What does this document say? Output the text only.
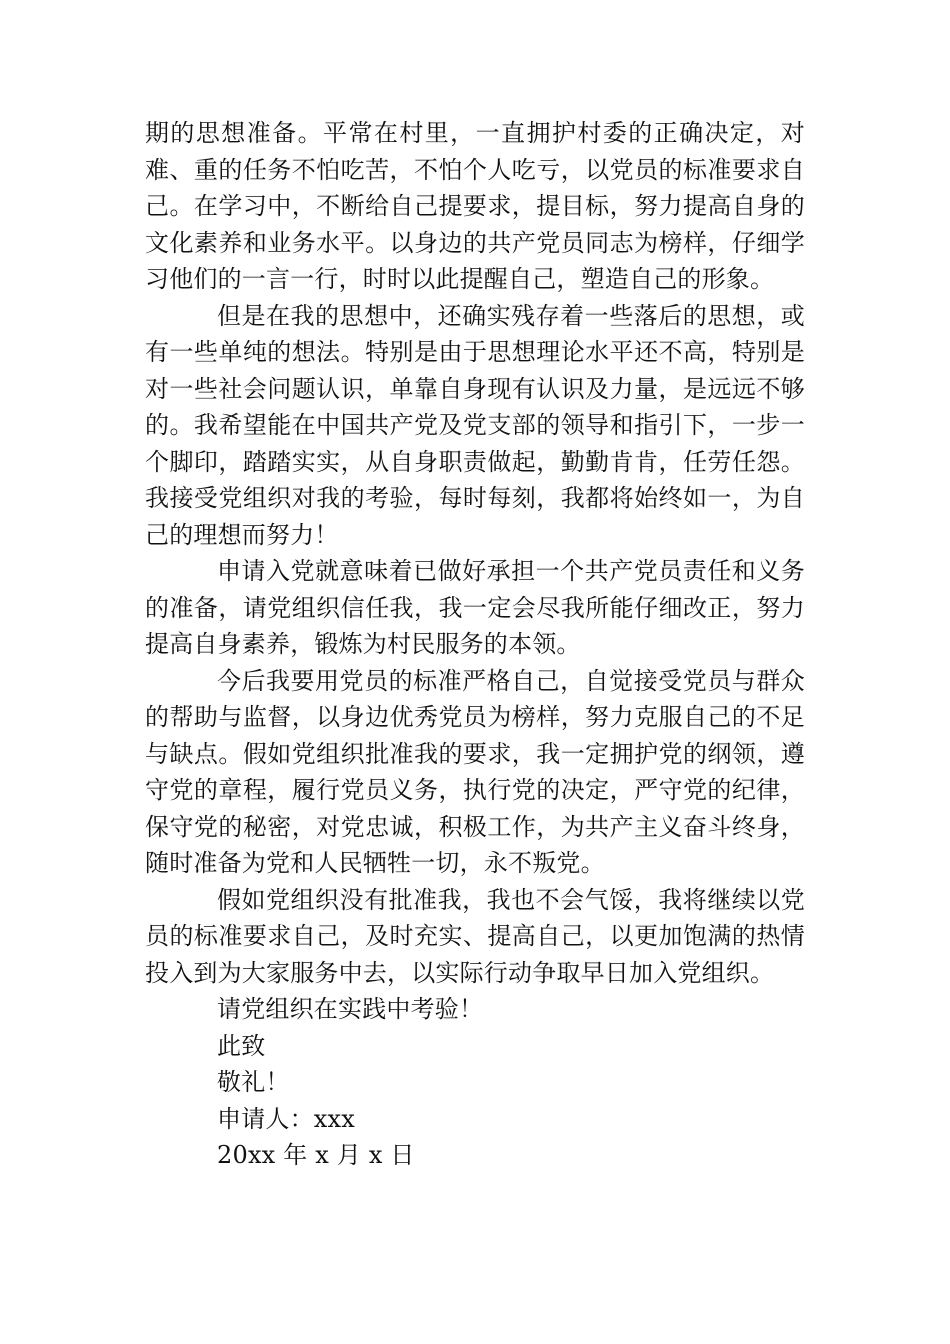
期的思想准备。平常在村里，一直拥护村委的正确决定，对难、重的任务不怕吃苦，不怕个人吃亏，以党员的标准要求自己。在学习中，不断给自己提要求，提目标，努力提高自身的文化素养和业务水平。以身边的共产党员同志为榜样，仔细学习他们的一言一行，时时以此提醒自己，塑造自己的形象。

但是在我的思想中，还确实残存着一些落后的思想，或有一些单纯的想法。特别是由于思想理论水平还不高，特别是对一些社会问题认识，单靠自身现有认识及力量，是远远不够的。我希望能在中国共产党及党支部的领导和指引下，一步一个脚印，踏踏实实，从自身职责做起，勤勤肯肯，任劳任怨。我接受党组织对我的考验，每时每刻，我都将始终如一，为自己的理想而努力！

申请入党就意味着已做好承担一个共产党员责任和义务的准备，请党组织信任我，我一定会尽我所能仔细改正，努力提高自身素养，锻炼为村民服务的本领。

今后我要用党员的标准严格自己，自觉接受党员与群众的帮助与监督，以身边优秀党员为榜样，努力克服自己的不足与缺点。假如党组织批准我的要求，我一定拥护党的纲领，遵守党的章程，履行党员义务，执行党的决定，严守党的纪律，保守党的秘密，对党忠诚，积极工作，为共产主义奋斗终身，随时准备为党和人民牺牲一切，永不叛党。

假如党组织没有批准我，我也不会气馁，我将继续以党员的标准要求自己，及时充实、提高自己，以更加饱满的热情投入到为大家服务中去，以实际行动争取早日加入党组织。

请党组织在实践中考验！

此致

敬礼！

申请人：xxx

20xx 年 x 月 x 日
